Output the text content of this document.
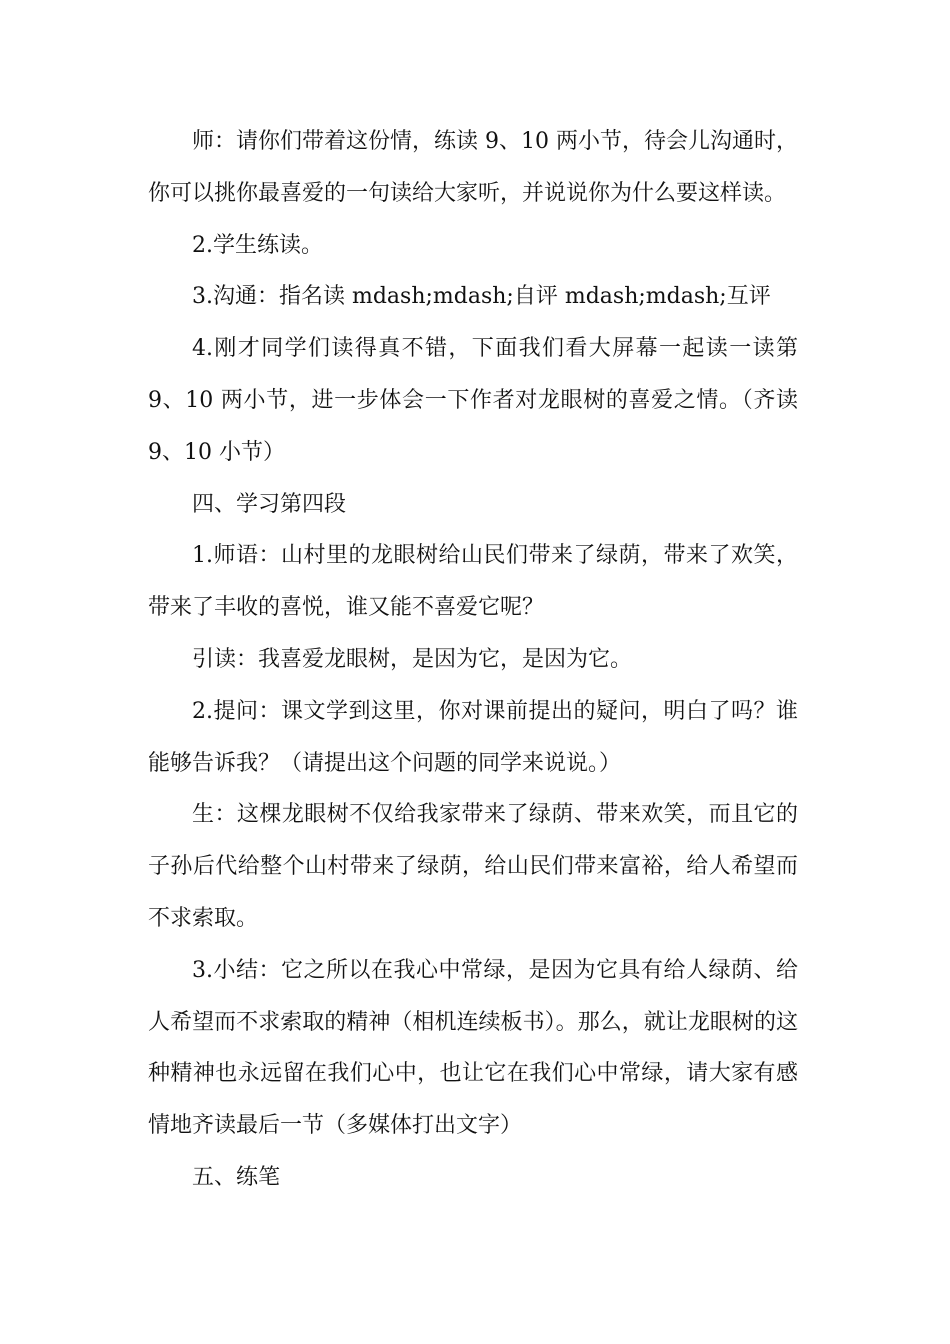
师：请你们带着这份情，练读 9、10 两小节，待会儿沟通时，你可以挑你最喜爱的一句读给大家听，并说说你为什么要这样读。

2.学生练读。

3.沟通：指名读 mdash;mdash;自评 mdash;mdash;互评

4.刚才同学们读得真不错，下面我们看大屏幕一起读一读第 9、10 两小节，进一步体会一下作者对龙眼树的喜爱之情。（齐读 9、10 小节）

四、学习第四段

1.师语：山村里的龙眼树给山民们带来了绿荫，带来了欢笑，带来了丰收的喜悦，谁又能不喜爱它呢？

引读：我喜爱龙眼树，是因为它，是因为它。

2.提问：课文学到这里，你对课前提出的疑问，明白了吗？谁能够告诉我？（请提出这个问题的同学来说说。）

生：这棵龙眼树不仅给我家带来了绿荫、带来欢笑，而且它的子孙后代给整个山村带来了绿荫，给山民们带来富裕，给人希望而不求索取。

3.小结：它之所以在我心中常绿，是因为它具有给人绿荫、给人希望而不求索取的精神（相机连续板书）。那么，就让龙眼树的这种精神也永远留在我们心中，也让它在我们心中常绿，请大家有感情地齐读最后一节（多媒体打出文字）

五、练笔
